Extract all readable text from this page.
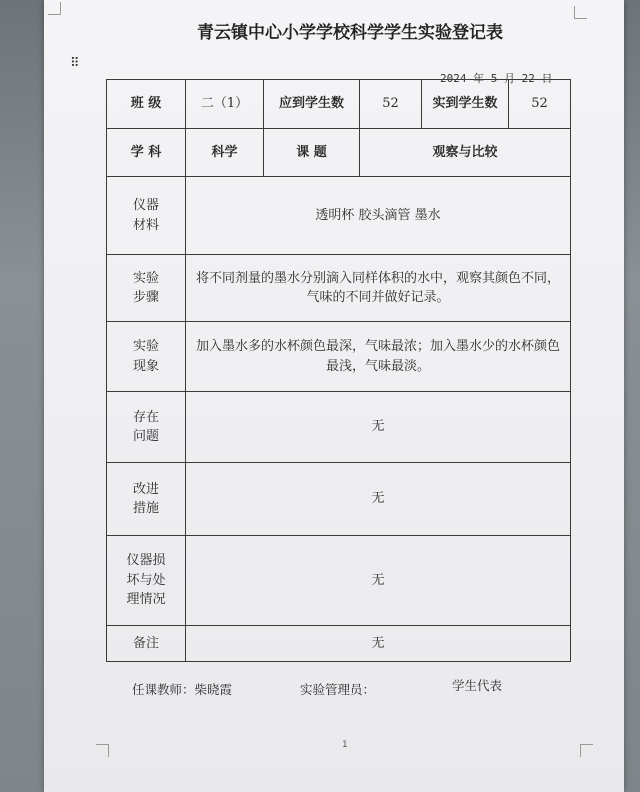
⠿
青云镇中心小学学校科学学生实验登记表
2024 年 5 月 22 日
班 级	二（1）	应到学生数	52	实到学生数	52
学 科	科学	课 题	观察与比较		
仪器
材料	透明杯 胶头滴管 墨水				
实验
步骤	将不同剂量的墨水分别滴入同样体积的水中，观察其颜色不同，气味的不同并做好记录。				
实验
现象	加入墨水多的水杯颜色最深，气味最浓；加入墨水少的水杯颜色最浅，气味最淡。				
存在
问题	无				
改进
措施	无				
仪器损
坏与处
理情况	无				
备注	无				
任课教师：柴晓霞	实验管理员：	学生代表
1
